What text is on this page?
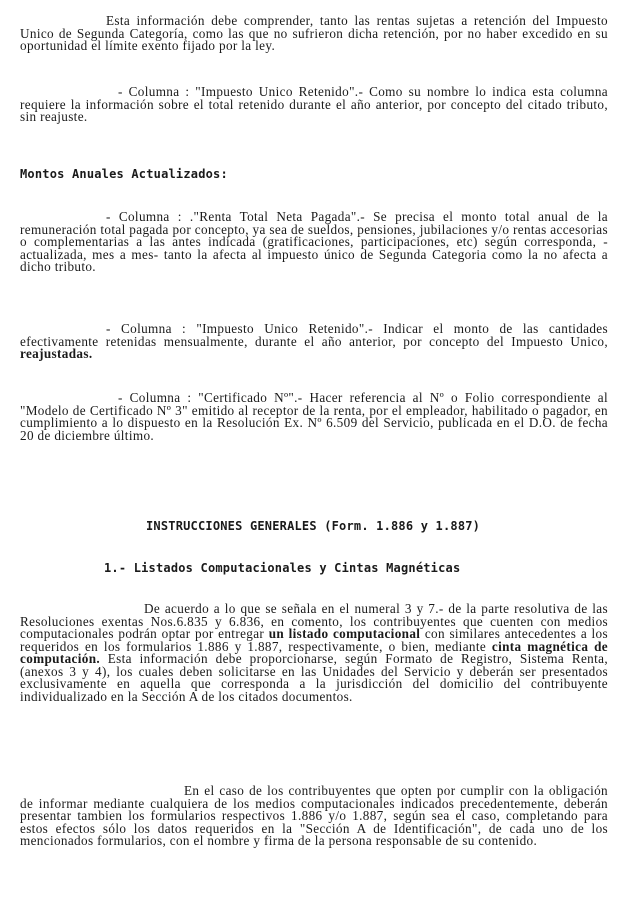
Esta información debe comprender, tanto las rentas sujetas a retención del Impuesto Unico de Segunda Categoría, como las que no sufrieron dicha retención, por no haber excedido en su oportunidad el límite exento fijado por la ley.
- Columna : "Impuesto Unico Retenido".- Como su nombre lo indica esta columna requiere la información sobre el total retenido durante el año anterior, por concepto del citado tributo, sin reajuste.
Montos Anuales Actualizados:
- Columna : ."Renta Total Neta Pagada".- Se precisa el monto total anual de la remuneración total pagada por concepto, ya sea de sueldos, pensiones, jubilaciones y/o rentas accesorias o complementarias a las antes indicada (gratificaciones, participaciones, etc) según corresponda, -actualizada, mes a mes- tanto la afecta al impuesto único de Segunda Categoria como la no afecta a dicho tributo.
- Columna : "Impuesto Unico Retenido".- Indicar el monto de las cantidades efectivamente retenidas mensualmente, durante el año anterior, por concepto del Impuesto Unico, reajustadas.
- Columna : "Certificado Nº".- Hacer referencia al Nº o Folio correspondiente al "Modelo de Certificado Nº 3" emitido al receptor de la renta, por el empleador, habilitado o pagador, en cumplimiento a lo dispuesto en la Resolución Ex. Nº 6.509 del Servicio, publicada en el D.O. de fecha 20 de diciembre último.
INSTRUCCIONES GENERALES (Form. 1.886 y 1.887)
1.- Listados Computacionales y Cintas Magnéticas
De acuerdo a lo que se señala en el numeral 3 y 7.- de la parte resolutiva de las Resoluciones exentas Nos.6.835 y 6.836, en comento, los contribuyentes que cuenten con medios computacionales podrán optar por entregar un listado computacional con similares antecedentes a los requeridos en los formularios 1.886 y 1.887, respectivamente, o bien, mediante cinta magnética de computación. Esta información debe proporcionarse, según Formato de Registro, Sistema Renta, (anexos 3 y 4), los cuales deben solicitarse en las Unidades del Servicio y deberán ser presentados exclusivamente en aquella que corresponda a la jurisdicción del domicilio del contribuyente individualizado en la Sección A de los citados documentos.
En el caso de los contribuyentes que opten por cumplir con la obligación de informar mediante cualquiera de los medios computacionales indicados precedentemente, deberán presentar tambien los formularios respectivos 1.886 y/o 1.887, según sea el caso, completando para estos efectos sólo los datos requeridos en la "Sección A de Identificación", de cada uno de los mencionados formularios, con el nombre y firma de la persona responsable de su contenido.
